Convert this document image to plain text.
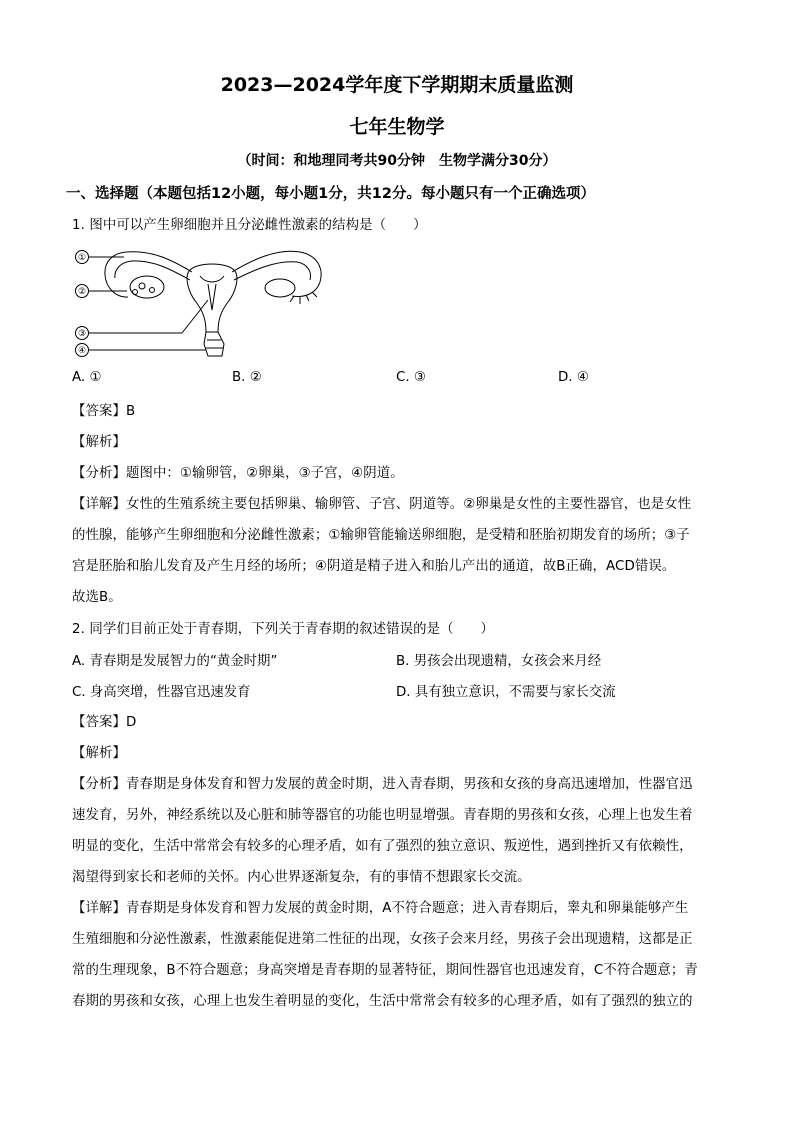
2023—2024学年度下学期期末质量监测
七年生物学
（时间：和地理同考共90分钟　生物学满分30分）
一、选择题（本题包括12小题，每小题1分，共12分。每小题只有一个正确选项）
1. 图中可以产生卵细胞并且分泌雌性激素的结构是（　　）
①
②
③
④
A. ①	B. ②	C. ③	D. ④
【答案】B
【解析】
【分析】题图中：①输卵管，②卵巢，③子宫，④阴道。
【详解】女性的生殖系统主要包括卵巢、输卵管、子宫、阴道等。②卵巢是女性的主要性器官，也是女性
的性腺，能够产生卵细胞和分泌雌性激素；①输卵管能输送卵细胞，是受精和胚胎初期发育的场所；③子
宫是胚胎和胎儿发育及产生月经的场所；④阴道是精子进入和胎儿产出的通道，故B正确，ACD错误。
故选B。
2. 同学们目前正处于青春期，下列关于青春期的叙述错误的是（　　）
A. 青春期是发展智力的“黄金时期”	B. 男孩会出现遗精，女孩会来月经
C. 身高突增，性器官迅速发育	D. 具有独立意识，不需要与家长交流
【答案】D
【解析】
【分析】青春期是身体发育和智力发展的黄金时期，进入青春期，男孩和女孩的身高迅速增加，性器官迅
速发育，另外，神经系统以及心脏和肺等器官的功能也明显增强。青春期的男孩和女孩，心理上也发生着
明显的变化，生活中常常会有较多的心理矛盾，如有了强烈的独立意识、叛逆性，遇到挫折又有依赖性，
渴望得到家长和老师的关怀。内心世界逐渐复杂，有的事情不想跟家长交流。
【详解】青春期是身体发育和智力发展的黄金时期，A不符合题意；进入青春期后，睾丸和卵巢能够产生
生殖细胞和分泌性激素，性激素能促进第二性征的出现，女孩子会来月经，男孩子会出现遗精，这都是正
常的生理现象，B不符合题意；身高突增是青春期的显著特征，期间性器官也迅速发育，C不符合题意；青
春期的男孩和女孩，心理上也发生着明显的变化，生活中常常会有较多的心理矛盾，如有了强烈的独立的
